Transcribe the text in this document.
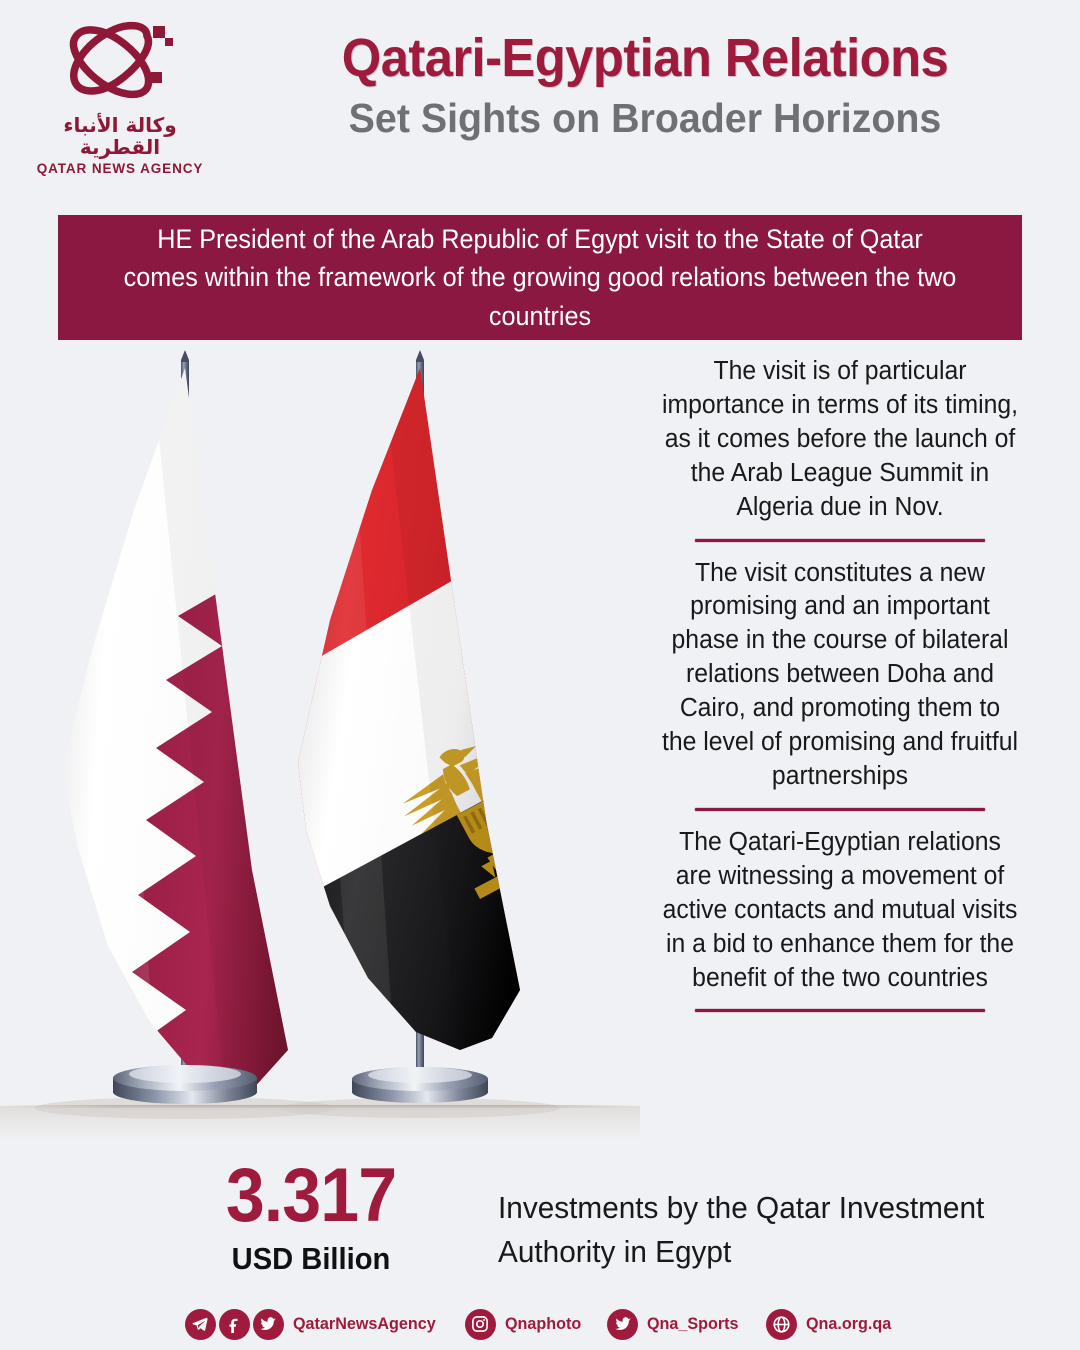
وكالة الأنباء القطرية
QATAR NEWS AGENCY
Qatari-Egyptian Relations
Set Sights on Broader Horizons
HE President of the Arab Republic of Egypt visit to the State of Qatar comes within the framework of the growing good relations between the two countries
The visit is of particular importance in terms of its timing, as it comes before the launch of the Arab League Summit in Algeria due in Nov.
The visit constitutes a new promising and an important phase in the course of bilateral relations between Doha and Cairo, and promoting them to the level of promising and fruitful partnerships
The Qatari-Egyptian relations are witnessing a movement of active contacts and mutual visits in a bid to enhance them for the benefit of the two countries
3.317
USD Billion
Investments by the Qatar Investment Authority in Egypt
QatarNewsAgency	Qnaphoto	Qna_Sports	Qna.org.qa
